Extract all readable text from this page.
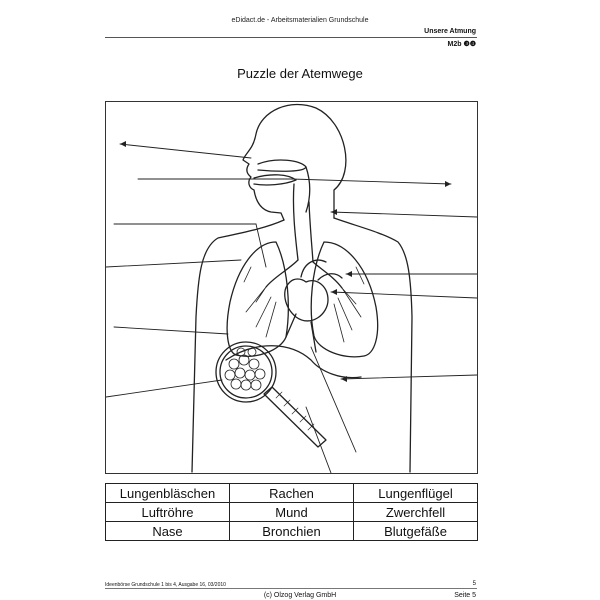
eDidact.de - Arbeitsmaterialien Grundschule
Unsere Atmung
M2b ❸❹
Puzzle der Atemwege
Lungenbläschen	Rachen	Lungenflügel
Luftröhre	Mund	Zwerchfell
Nase	Bronchien	Blutgefäße
Ideenbörse Grundschule 1 bis 4, Ausgabe 16, 03/2010	5
(c) Olzog Verlag GmbH	Seite 5
